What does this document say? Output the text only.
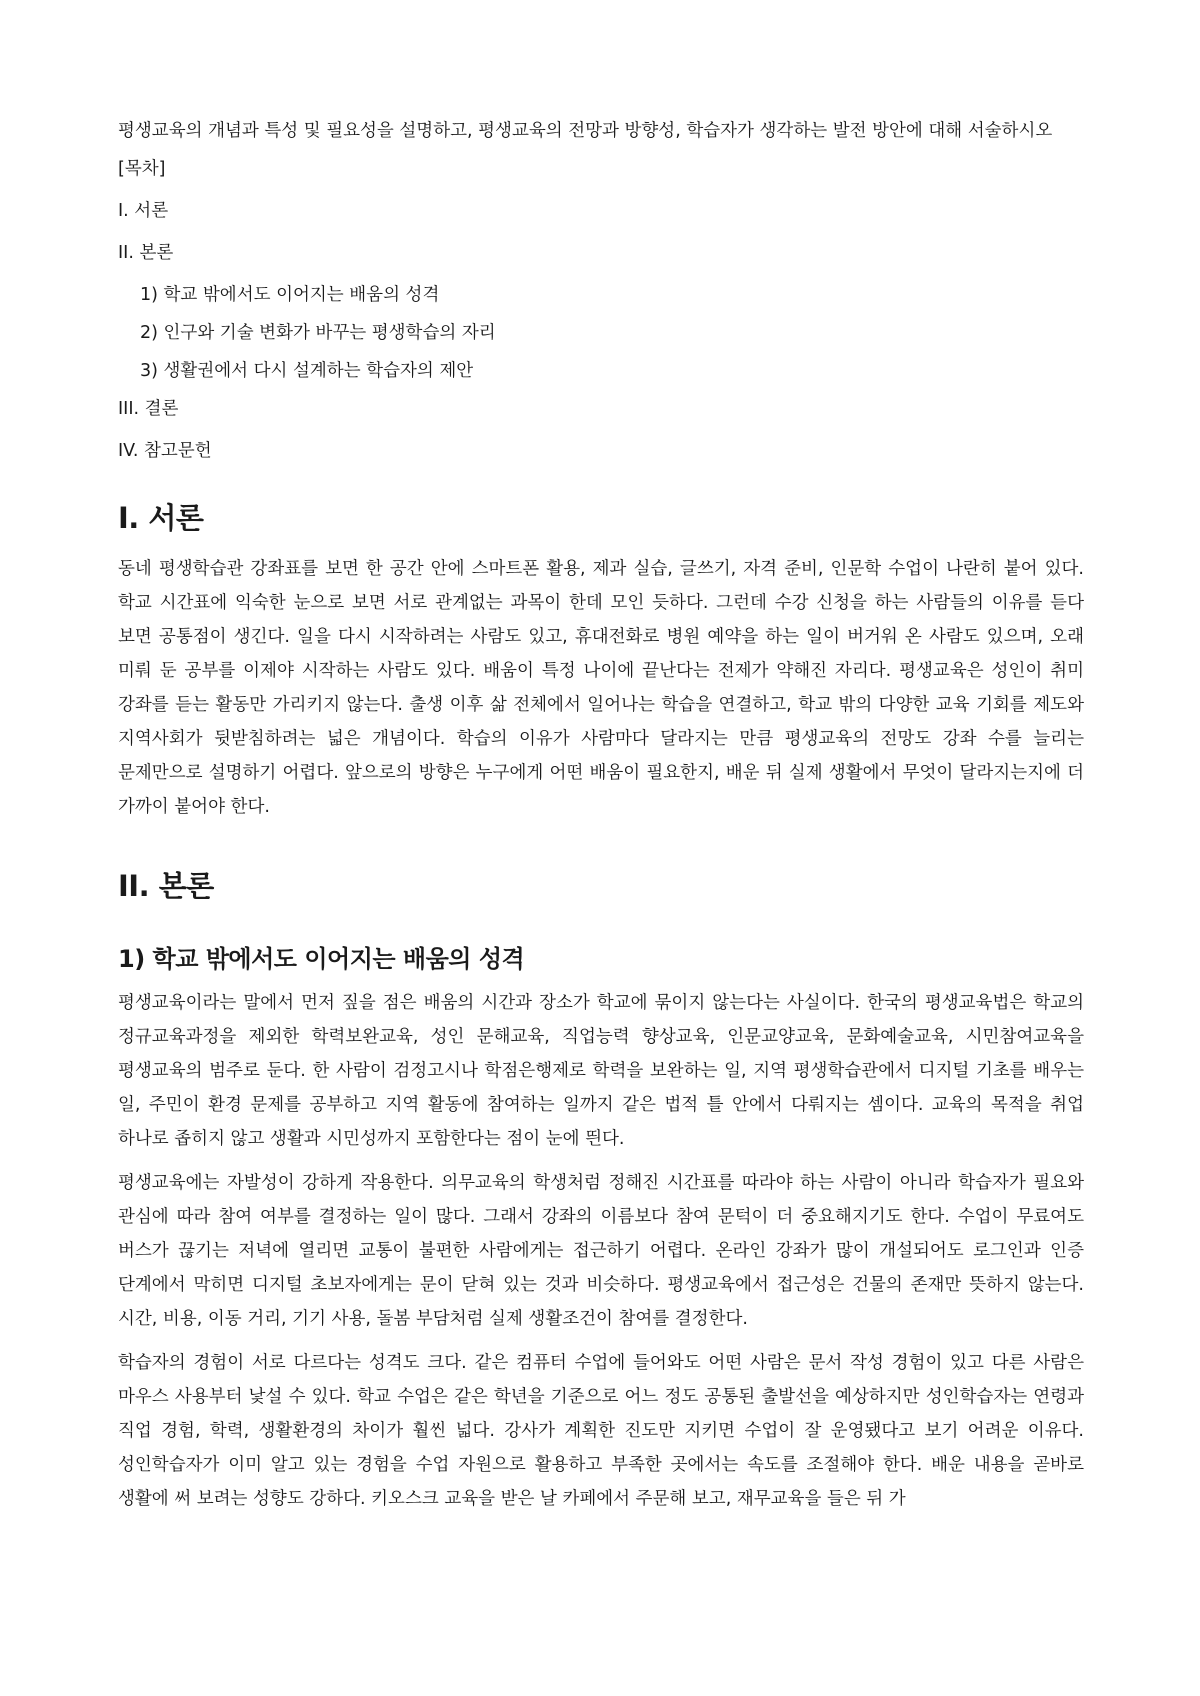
평생교육의 개념과 특성 및 필요성을 설명하고, 평생교육의 전망과 방향성, 학습자가 생각하는 발전 방안에 대해 서술하시오

[목차]
I. 서론
II. 본론
1) 학교 밖에서도 이어지는 배움의 성격
2) 인구와 기술 변화가 바꾸는 평생학습의 자리
3) 생활권에서 다시 설계하는 학습자의 제안
III. 결론
IV. 참고문헌
I. 서론

동네 평생학습관 강좌표를 보면 한 공간 안에 스마트폰 활용, 제과 실습, 글쓰기, 자격 준비, 인문학 수업이 나란히 붙어 있다. 학교 시간표에 익숙한 눈으로 보면 서로 관계없는 과목이 한데 모인 듯하다. 그런데 수강 신청을 하는 사람들의 이유를 듣다 보면 공통점이 생긴다. 일을 다시 시작하려는 사람도 있고, 휴대전화로 병원 예약을 하는 일이 버거워 온 사람도 있으며, 오래 미뤄 둔 공부를 이제야 시작하는 사람도 있다. 배움이 특정 나이에 끝난다는 전제가 약해진 자리다. 평생교육은 성인이 취미 강좌를 듣는 활동만 가리키지 않는다. 출생 이후 삶 전체에서 일어나는 학습을 연결하고, 학교 밖의 다양한 교육 기회를 제도와 지역사회가 뒷받침하려는 넓은 개념이다. 학습의 이유가 사람마다 달라지는 만큼 평생교육의 전망도 강좌 수를 늘리는 문제만으로 설명하기 어렵다. 앞으로의 방향은 누구에게 어떤 배움이 필요한지, 배운 뒤 실제 생활에서 무엇이 달라지는지에 더 가까이 붙어야 한다.

II. 본론
1) 학교 밖에서도 이어지는 배움의 성격

평생교육이라는 말에서 먼저 짚을 점은 배움의 시간과 장소가 학교에 묶이지 않는다는 사실이다. 한국의 평생교육법은 학교의 정규교육과정을 제외한 학력보완교육, 성인 문해교육, 직업능력 향상교육, 인문교양교육, 문화예술교육, 시민참여교육을 평생교육의 범주로 둔다. 한 사람이 검정고시나 학점은행제로 학력을 보완하는 일, 지역 평생학습관에서 디지털 기초를 배우는 일, 주민이 환경 문제를 공부하고 지역 활동에 참여하는 일까지 같은 법적 틀 안에서 다뤄지는 셈이다. 교육의 목적을 취업 하나로 좁히지 않고 생활과 시민성까지 포함한다는 점이 눈에 띈다.

평생교육에는 자발성이 강하게 작용한다. 의무교육의 학생처럼 정해진 시간표를 따라야 하는 사람이 아니라 학습자가 필요와 관심에 따라 참여 여부를 결정하는 일이 많다. 그래서 강좌의 이름보다 참여 문턱이 더 중요해지기도 한다. 수업이 무료여도 버스가 끊기는 저녁에 열리면 교통이 불편한 사람에게는 접근하기 어렵다. 온라인 강좌가 많이 개설되어도 로그인과 인증 단계에서 막히면 디지털 초보자에게는 문이 닫혀 있는 것과 비슷하다. 평생교육에서 접근성은 건물의 존재만 뜻하지 않는다. 시간, 비용, 이동 거리, 기기 사용, 돌봄 부담처럼 실제 생활조건이 참여를 결정한다.

학습자의 경험이 서로 다르다는 성격도 크다. 같은 컴퓨터 수업에 들어와도 어떤 사람은 문서 작성 경험이 있고 다른 사람은 마우스 사용부터 낯설 수 있다. 학교 수업은 같은 학년을 기준으로 어느 정도 공통된 출발선을 예상하지만 성인학습자는 연령과 직업 경험, 학력, 생활환경의 차이가 훨씬 넓다. 강사가 계획한 진도만 지키면 수업이 잘 운영됐다고 보기 어려운 이유다. 성인학습자가 이미 알고 있는 경험을 수업 자원으로 활용하고 부족한 곳에서는 속도를 조절해야 한다. 배운 내용을 곧바로 생활에 써 보려는 성향도 강하다. 키오스크 교육을 받은 날 카페에서 주문해 보고, 재무교육을 들은 뒤 가
